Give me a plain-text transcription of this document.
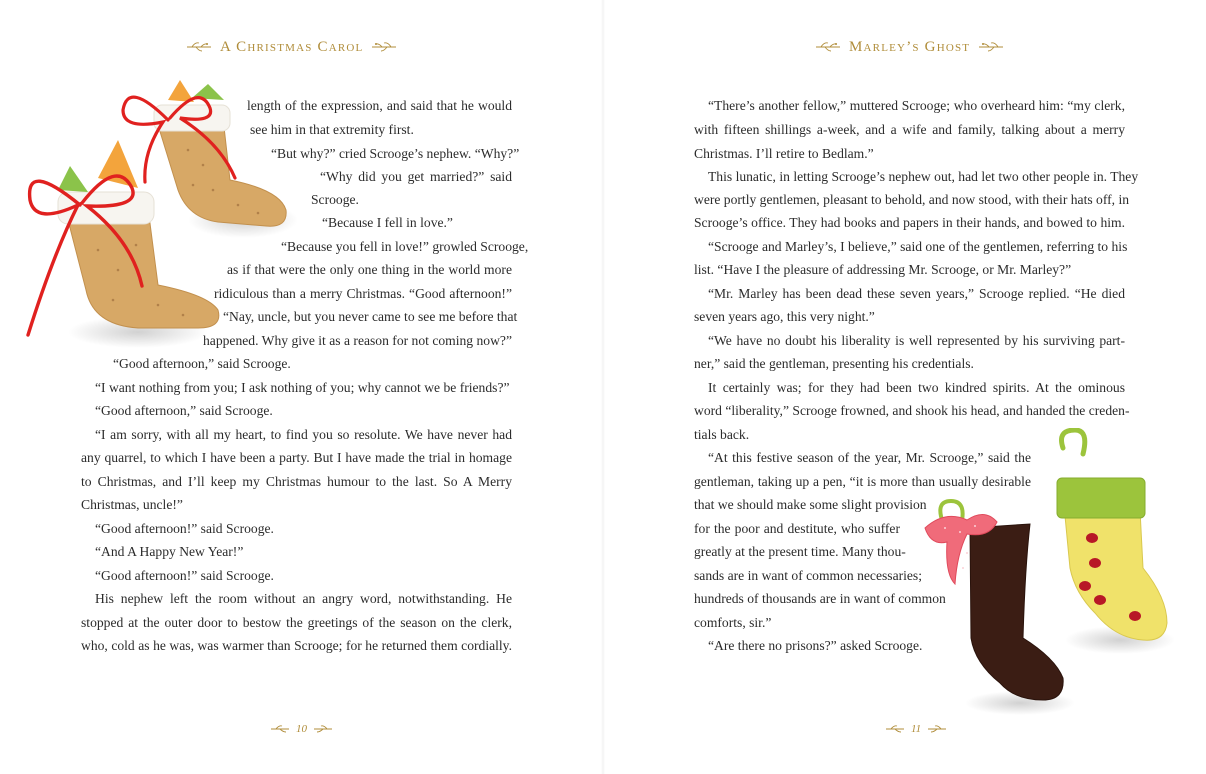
A Christmas Carol
length of the expression, and said that he would
see him in that extremity first.
“But why?” cried Scrooge’s nephew. “Why?”
“Why did you get married?” said
Scrooge.
“Because I fell in love.”
“Because you fell in love!” growled Scrooge,
as if that were the only one thing in the world more
ridiculous than a merry Christmas. “Good afternoon!”
“Nay, uncle, but you never came to see me before that
happened. Why give it as a reason for not coming now?”
“Good afternoon,” said Scrooge.
“I want nothing from you; I ask nothing of you; why cannot we be friends?”
“Good afternoon,” said Scrooge.
“I am sorry, with all my heart, to find you so resolute. We have never had
any quarrel, to which I have been a party. But I have made the trial in homage
to Christmas, and I’ll keep my Christmas humour to the last. So A Merry
Christmas, uncle!”
“Good afternoon!” said Scrooge.
“And A Happy New Year!”
“Good afternoon!” said Scrooge.
His nephew left the room without an angry word, notwithstanding. He
stopped at the outer door to bestow the greetings of the season on the clerk,
who, cold as he was, was warmer than Scrooge; for he returned them cordially.
10
Marley’s Ghost
“There’s another fellow,” muttered Scrooge; who overheard him: “my clerk,
with fifteen shillings a-week, and a wife and family, talking about a merry
Christmas. I’ll retire to Bedlam.”
This lunatic, in letting Scrooge’s nephew out, had let two other people in. They
were portly gentlemen, pleasant to behold, and now stood, with their hats off, in
Scrooge’s office. They had books and papers in their hands, and bowed to him.
“Scrooge and Marley’s, I believe,” said one of the gentlemen, referring to his
list. “Have I the pleasure of addressing Mr. Scrooge, or Mr. Marley?”
“Mr. Marley has been dead these seven years,” Scrooge replied. “He died
seven years ago, this very night.”
“We have no doubt his liberality is well represented by his surviving part-
ner,” said the gentleman, presenting his credentials.
It certainly was; for they had been two kindred spirits. At the ominous
word “liberality,” Scrooge frowned, and shook his head, and handed the creden-
tials back.
“At this festive season of the year, Mr. Scrooge,” said the
gentleman, taking up a pen, “it is more than usually desirable
that we should make some slight provision
for the poor and destitute, who suffer
greatly at the present time. Many thou-
sands are in want of common necessaries;
hundreds of thousands are in want of common
comforts, sir.”
“Are there no prisons?” asked Scrooge.
11
